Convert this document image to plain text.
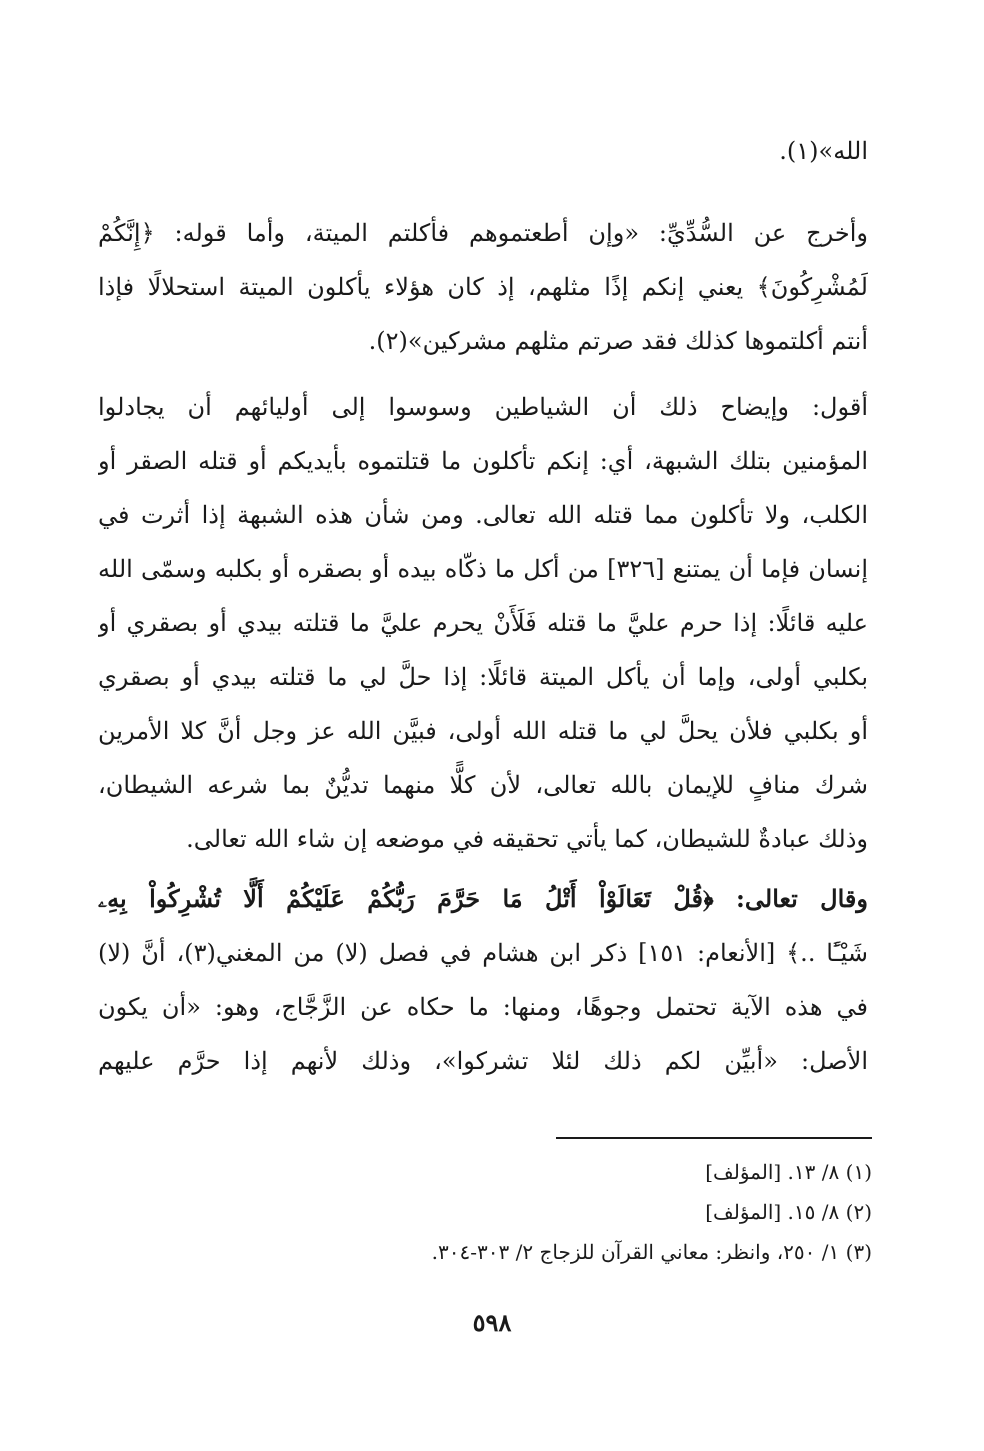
الله»(١).
وأخرج عن السُّدِّيِّ: «وإن أطعتموهم فأكلتم الميتة، وأما قوله: ﴿إِنَّكُمْ
لَمُشْرِكُونَ﴾ يعني إنكم إذًا مثلهم، إذ كان هؤلاء يأكلون الميتة استحلالًا فإذا
أنتم أكلتموها كذلك فقد صرتم مثلهم مشركين»(٢).
أقول: وإيضاح ذلك أن الشياطين وسوسوا إلى أوليائهم أن يجادلوا
المؤمنين بتلك الشبهة، أي: إنكم تأكلون ما قتلتموه بأيديكم أو قتله الصقر أو
الكلب، ولا تأكلون مما قتله الله تعالى. ومن شأن هذه الشبهة إذا أثرت في
إنسان فإما أن يمتنع [٣٢٦] من أكل ما ذكّاه بيده أو بصقره أو بكلبه وسمّى الله
عليه قائلًا: إذا حرم عليَّ ما قتله فَلَأَنْ يحرم عليَّ ما قتلته بيدي أو بصقري أو
بكلبي أولى، وإما أن يأكل الميتة قائلًا: إذا حلَّ لي ما قتلته بيدي أو بصقري
أو بكلبي فلأن يحلَّ لي ما قتله الله أولى، فبيَّن الله عز وجل أنَّ كلا الأمرين
شرك منافٍ للإيمان بالله تعالى، لأن كلًّا منهما تديُّنٌ بما شرعه الشيطان،
وذلك عبادةٌ للشيطان، كما يأتي تحقيقه في موضعه إن شاء الله تعالى.
وقال تعالى: ﴿قُلْ تَعَالَوْاْ أَتْلُ مَا حَرَّمَ رَبُّكُمْ عَلَيْكُمْ أَلَّا تُشْرِكُواْ بِهِۦ
شَيْـًٔا ..﴾ [الأنعام: ١٥١] ذكر ابن هشام في فصل (لا) من المغني(٣)، أنَّ (لا)
في هذه الآية تحتمل وجوهًا، ومنها: ما حكاه عن الزَّجَّاج، وهو: «أن يكون
الأصل: «أبيِّن لكم ذلك لئلا تشركوا»، وذلك لأنهم إذا حرَّم عليهم
(١) ٨/ ١٣. [المؤلف]
(٢) ٨/ ١٥. [المؤلف]
(٣) ١/ ٢٥٠، وانظر: معاني القرآن للزجاج ٢/ ٣٠٣-٣٠٤.
٥٩٨
